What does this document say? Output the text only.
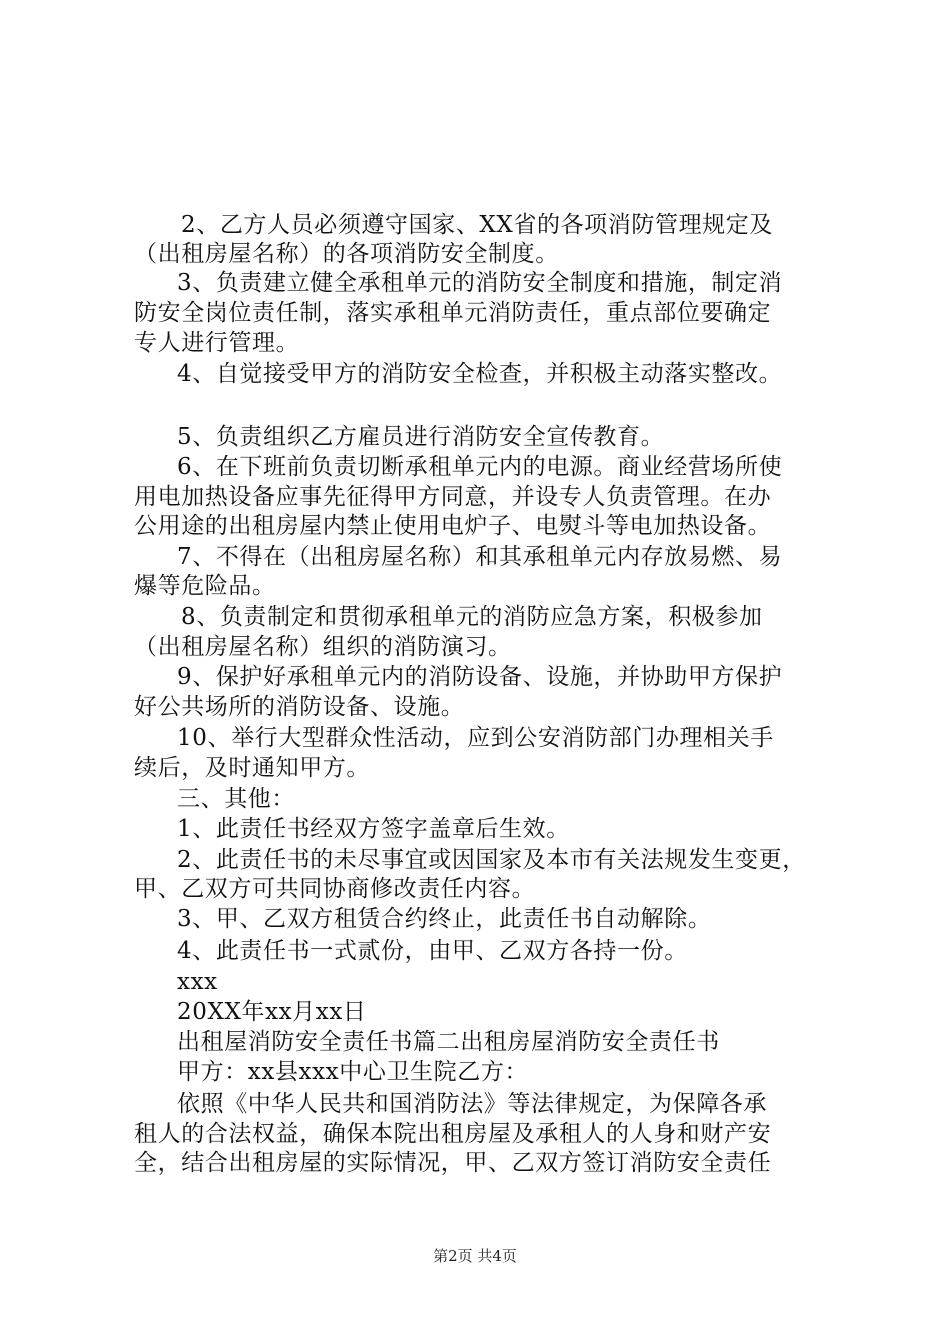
2、乙方人员必须遵守国家、XX省的各项消防管理规定及
（出租房屋名称）的各项消防安全制度。
3、负责建立健全承租单元的消防安全制度和措施，制定消
防安全岗位责任制，落实承租单元消防责任，重点部位要确定
专人进行管理。
4、自觉接受甲方的消防安全检查，并积极主动落实整改。
5、负责组织乙方雇员进行消防安全宣传教育。
6、在下班前负责切断承租单元内的电源。商业经营场所使
用电加热设备应事先征得甲方同意，并设专人负责管理。在办
公用途的出租房屋内禁止使用电炉子、电熨斗等电加热设备。
7、不得在（出租房屋名称）和其承租单元内存放易燃、易
爆等危险品。
8、负责制定和贯彻承租单元的消防应急方案，积极参加
（出租房屋名称）组织的消防演习。
9、保护好承租单元内的消防设备、设施，并协助甲方保护
好公共场所的消防设备、设施。
10、举行大型群众性活动，应到公安消防部门办理相关手
续后，及时通知甲方。
三、其他：
1、此责任书经双方签字盖章后生效。
2、此责任书的未尽事宜或因国家及本市有关法规发生变更，
甲、乙双方可共同协商修改责任内容。
3、甲、乙双方租赁合约终止，此责任书自动解除。
4、此责任书一式贰份，由甲、乙双方各持一份。
xxx
20XX年xx月xx日
出租屋消防安全责任书篇二出租房屋消防安全责任书
甲方：xx县xxx中心卫生院乙方：
依照《中华人民共和国消防法》等法律规定，为保障各承
租人的合法权益，确保本院出租房屋及承租人的人身和财产安
全，结合出租房屋的实际情况，甲、乙双方签订消防安全责任
第2页 共4页
